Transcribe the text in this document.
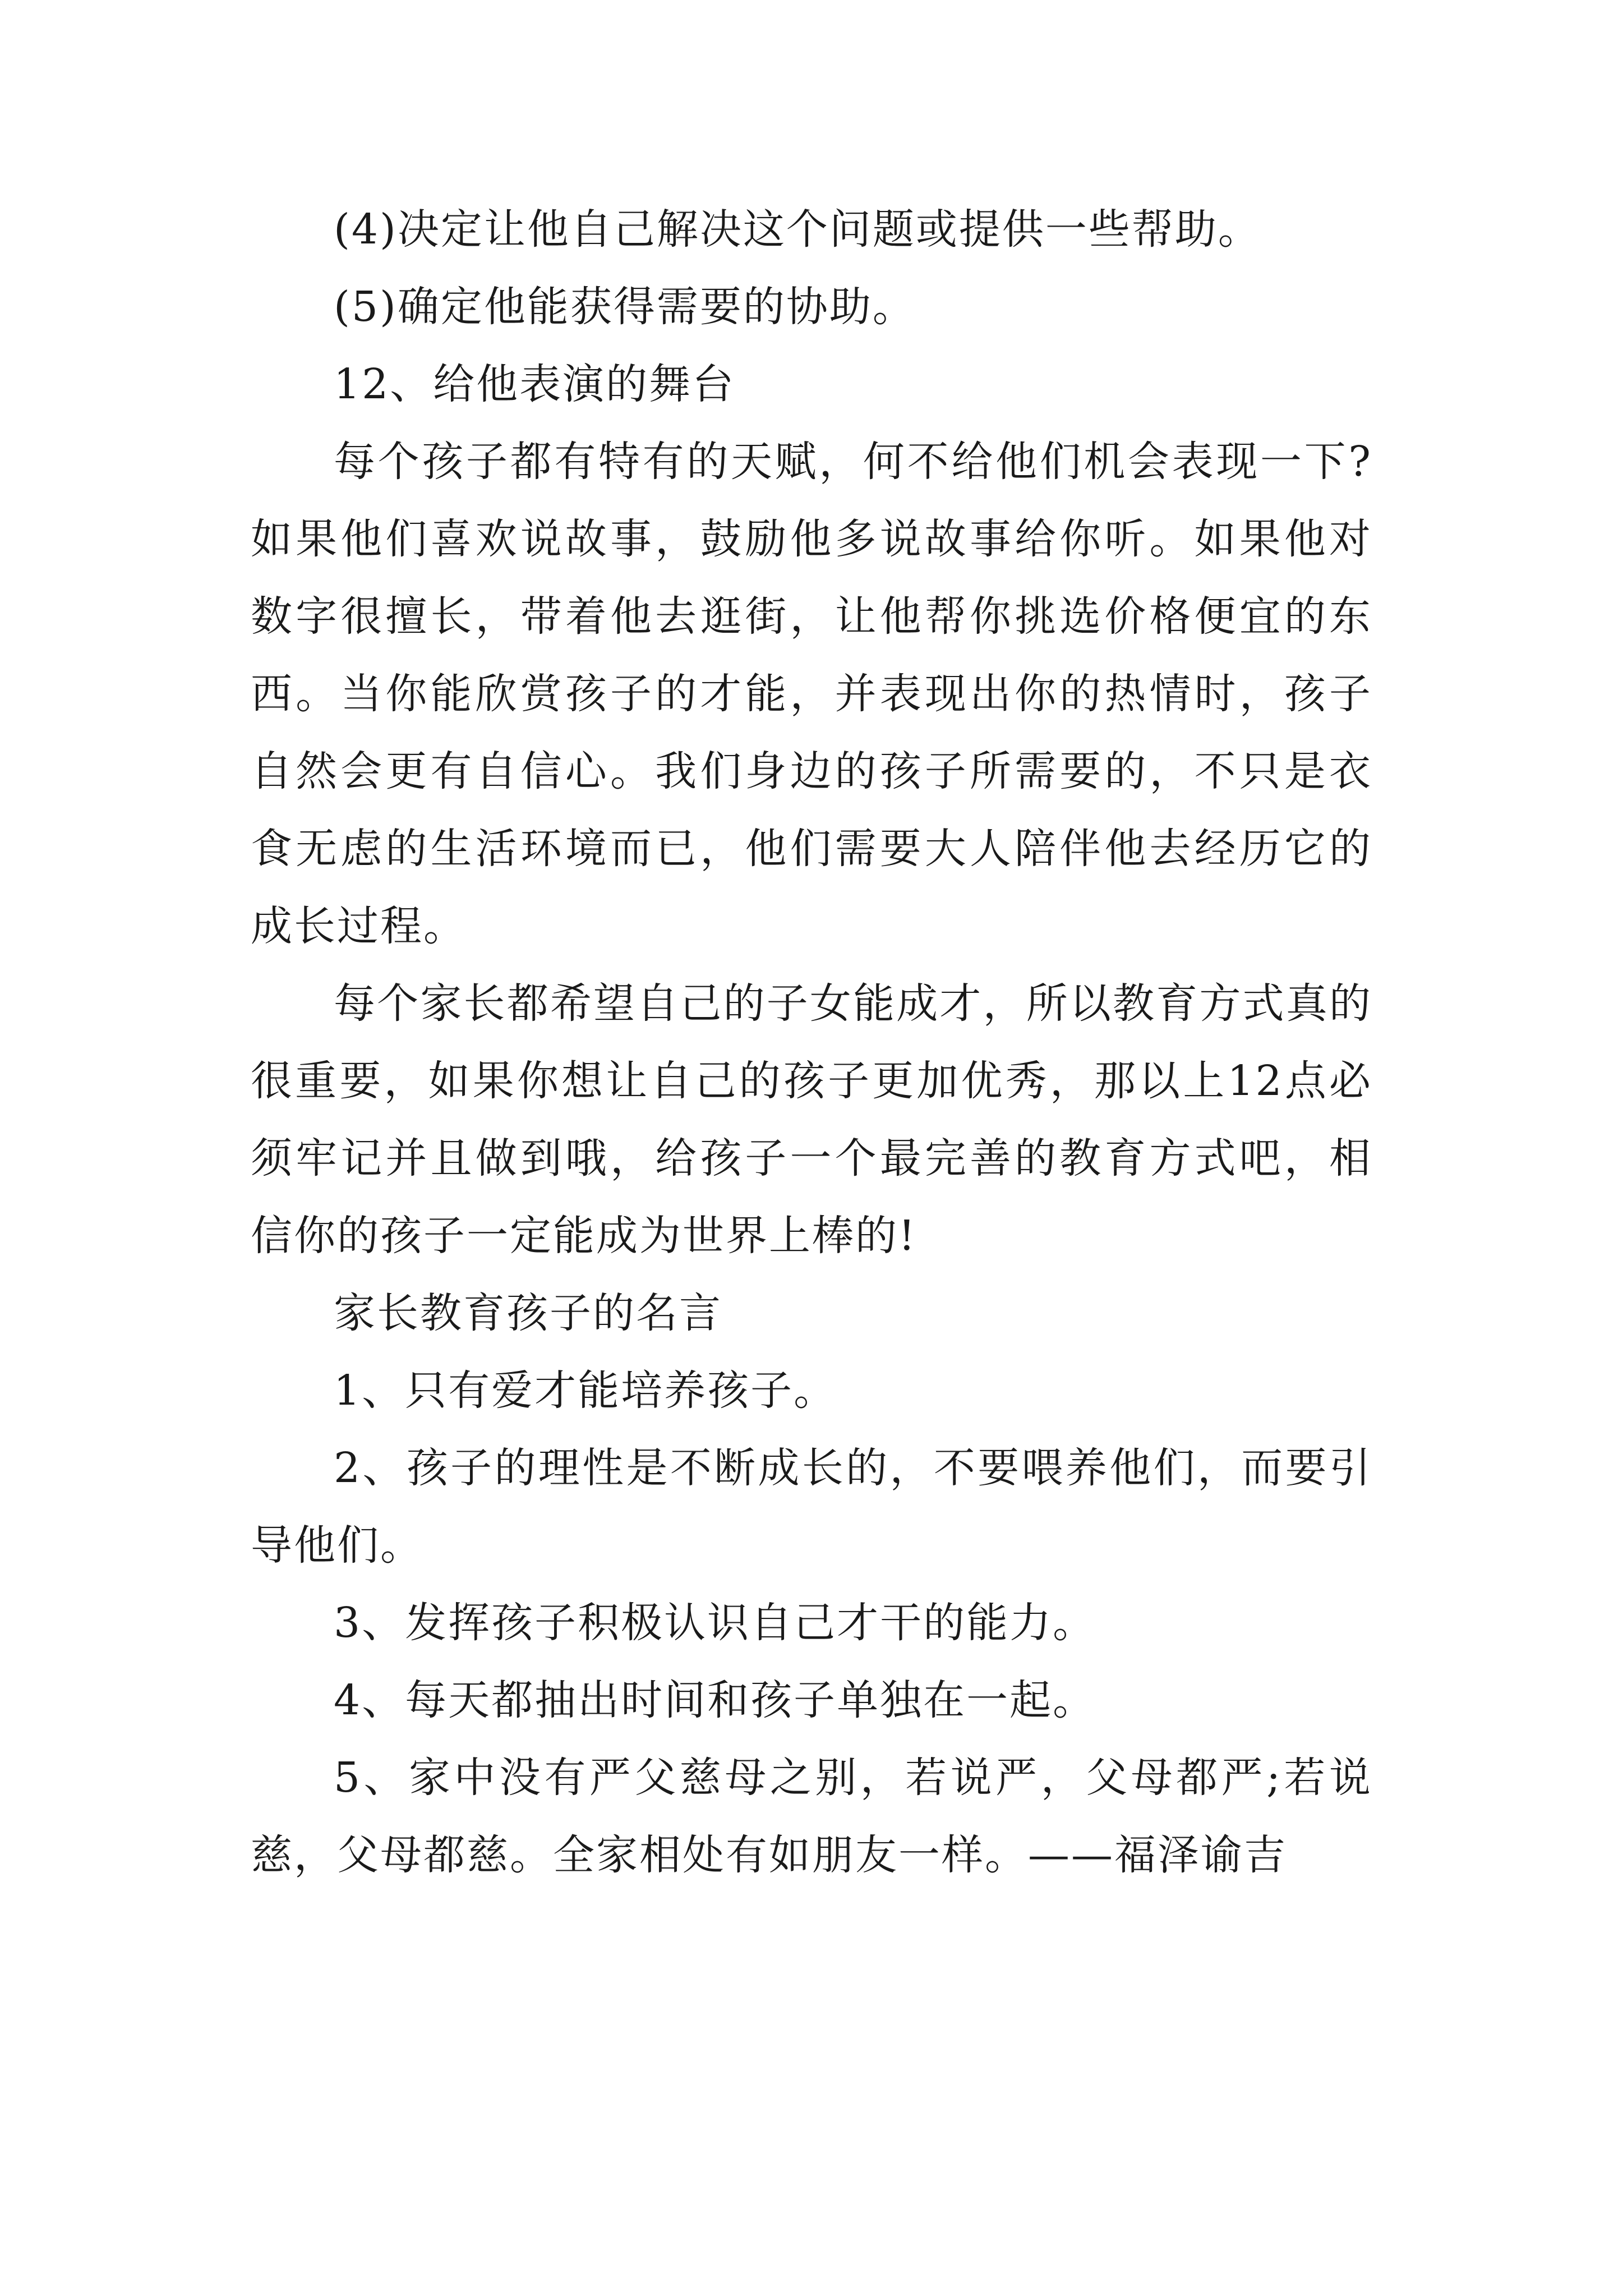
(4)决定让他自己解决这个问题或提供一些帮助。

(5)确定他能获得需要的协助。

12、给他表演的舞台

每个孩子都有特有的天赋，何不给他们机会表现一下?如果他们喜欢说故事，鼓励他多说故事给你听。如果他对数字很擅长，带着他去逛街，让他帮你挑选价格便宜的东西。当你能欣赏孩子的才能，并表现出你的热情时，孩子自然会更有自信心。我们身边的孩子所需要的，不只是衣食无虑的生活环境而已，他们需要大人陪伴他去经历它的成长过程。

每个家长都希望自己的子女能成才，所以教育方式真的很重要，如果你想让自己的孩子更加优秀，那以上12点必须牢记并且做到哦，给孩子一个最完善的教育方式吧，相信你的孩子一定能成为世界上棒的!

家长教育孩子的名言

1、只有爱才能培养孩子。

2、孩子的理性是不断成长的，不要喂养他们，而要引导他们。

3、发挥孩子积极认识自己才干的能力。

4、每天都抽出时间和孩子单独在一起。

5、家中没有严父慈母之别，若说严，父母都严;若说慈，父母都慈。全家相处有如朋友一样。——福泽谕吉
